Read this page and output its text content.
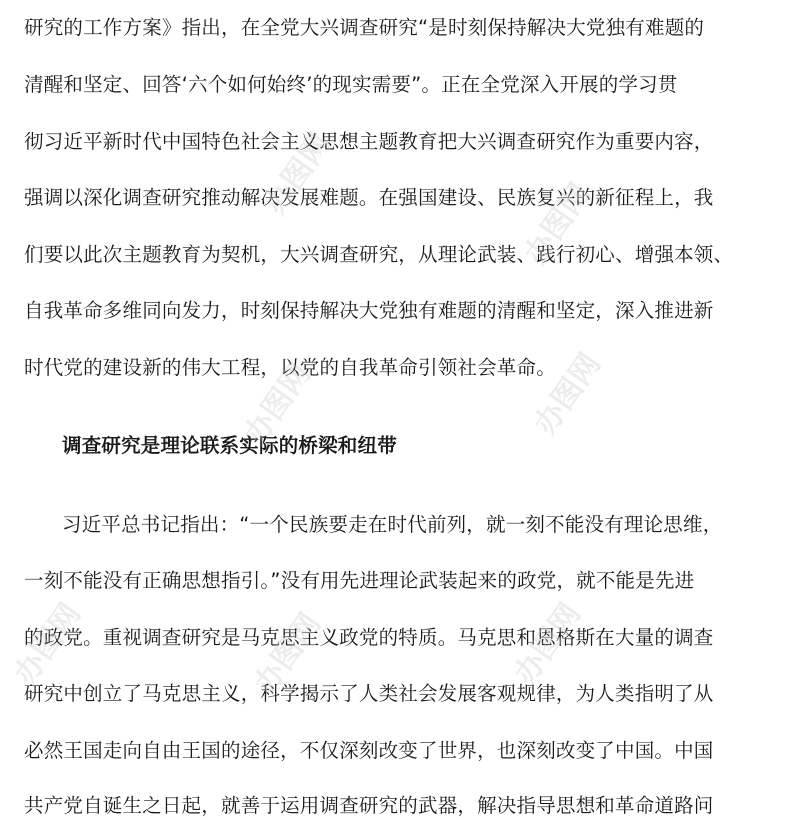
研究的工作方案》指出，在全党大兴调查研究“是时刻保持解决大党独有难题的
清醒和坚定、回答‘六个如何始终’的现实需要”。正在全党深入开展的学习贯
彻习近平新时代中国特色社会主义思想主题教育把大兴调查研究作为重要内容，
强调以深化调查研究推动解决发展难题。在强国建设、民族复兴的新征程上，我
们要以此次主题教育为契机，大兴调查研究，从理论武装、践行初心、增强本领、
自我革命多维同向发力，时刻保持解决大党独有难题的清醒和坚定，深入推进新
时代党的建设新的伟大工程，以党的自我革命引领社会革命。
调查研究是理论联系实际的桥梁和纽带
习近平总书记指出：“一个民族要走在时代前列，就一刻不能没有理论思维，
一刻不能没有正确思想指引。”没有用先进理论武装起来的政党，就不能是先进
的政党。重视调查研究是马克思主义政党的特质。马克思和恩格斯在大量的调查
研究中创立了马克思主义，科学揭示了人类社会发展客观规律，为人类指明了从
必然王国走向自由王国的途径，不仅深刻改变了世界，也深刻改变了中国。中国
共产党自诞生之日起，就善于运用调查研究的武器，解决指导思想和革命道路问
办图网
办图网
办图网	办图网
办图网	办图网	办图网
